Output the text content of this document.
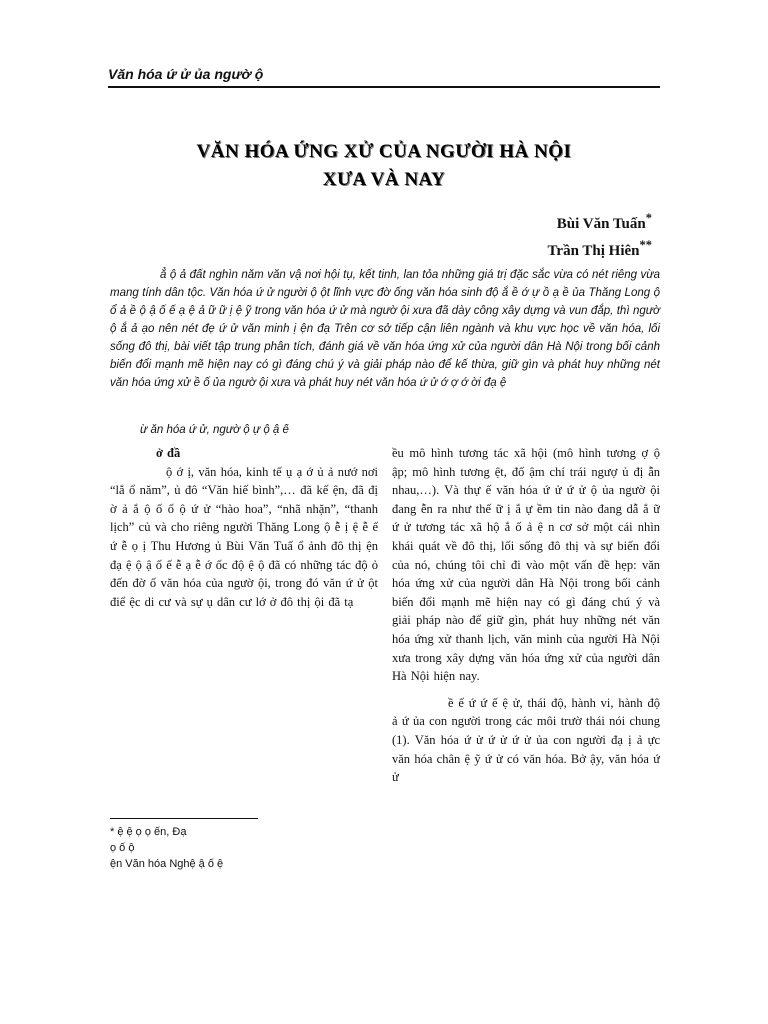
Văn hóa ứ ử ủa ngườ ộ
VĂN HÓA ỨNG XỬ CỦA NGƯỜI HÀ NỘI
XƯA VÀ NAY
Bùi Văn Tuấn*
Trần Thị Hiên**
ẳ ộ ả đất nghìn năm văn vậ nơi hội tụ, kết tinh, lan tỏa những giá trị đặc sắc vừa có nét riêng vừa mang tính dân tộc. Văn hóa ứ ử người ộ ột lĩnh vực đờ ống văn hóa sinh độ ắ ề ớ ự ồ ạ ề ủa Thăng Long ộ ổ ả ề ộ ậ ố ế ạ ệ ả ữ ữ ị ệ ỹ trong văn hóa ứ ử mà ngườ ội xưa đã dày công xây dựng và vun đắp, thì ngườ ộ ắ ả ạo nên nét đẹ ứ ử văn minh ị ện đạ Trên cơ sở tiếp cận liên ngành và khu vực học về văn hóa, lối sống đô thị, bài viết tập trung phân tích, đánh giá về văn hóa ứng xử của người dân Hà Nội trong bối cảnh biến đổi mạnh mẽ hiện nay có gì đáng chú ý và giải pháp nào để kế thừa, giữ gìn và phát huy những nét văn hóa ứng xử ề ố ủa ngườ ội xưa và phát huy nét văn hóa ứ ử ớ ợ ớ ời đạ ệ
ừ ăn hóa ứ ử, ngườ ộ ự ộ ậ ế

ở đầ

ộ ớ ị, văn hóa, kinh tế ụ ạ ớ ủ ả nướ nơi “lắ ổ năm”, ủ đô “Văn hiế bình”,… đã kế ện, đã đị ờ ả ắ ộ ố ố ộ ứ ử “hào hoa”, “nhã nhặn”, “thanh lịch” củ và cho riêng người Thăng Long ộ ễ ị ệ ễ ế ứ ễ ọ ị Thu Hương ủ Bùi Văn Tuấ ổ ảnh đô thị ện đạ ệ ộ ậ ố ế ễ ạ ễ ớ ốc độ ệ ộ đã có những tác độ ỏ đến đờ ố văn hóa của ngườ ội, trong đó văn ứ ử ột điể ệc di cư và sự ụ dân cư lớ ở đô thị ội đã tạ

ều mô hình tương tác xã hội (mô hình tương ợ ộ ập; mô hình tương ệt, đố ậm chí trái ngượ ủ đị ẫn nhau,…). Và thự ế văn hóa ứ ử ứ ử ộ ủa ngườ ội đang ễn ra như thế ữ ị ắ ự ềm tin nào đang dẫ ắ ữ ứ ử tương tác xã hộ ắ ố ả ệ n cơ sở một cái nhìn khái quát về đô thị, lối sống đô thị và sự biến đổi của nó, chúng tôi chỉ đi vào một vấn đề hẹp: văn hóa ứng xử của người dân Hà Nội trong bối cảnh biến đổi mạnh mẽ hiện nay có gì đáng chú ý và giải pháp nào để giữ gìn, phát huy những nét văn hóa ứng xử thanh lịch, văn minh của người Hà Nội xưa trong xây dựng văn hóa ứng xử của người dân Hà Nội hiện nay.

ề ế ứ ứ ế ệ ử, thái độ, hành vi, hành độ ả ứ ủa con người trong các môi trườ thái nói chung (1). Văn hóa ứ ử ứ ử ứ ử ủa con người đạ ị ả ực văn hóa chân ệ ỹ ứ ử có văn hóa. Bở ậy, văn hóa ứ ử

* ệ ệ ọ ọ ến, Đạ

ọ ố ộ

ện Văn hóa Nghệ ậ ố ệ
